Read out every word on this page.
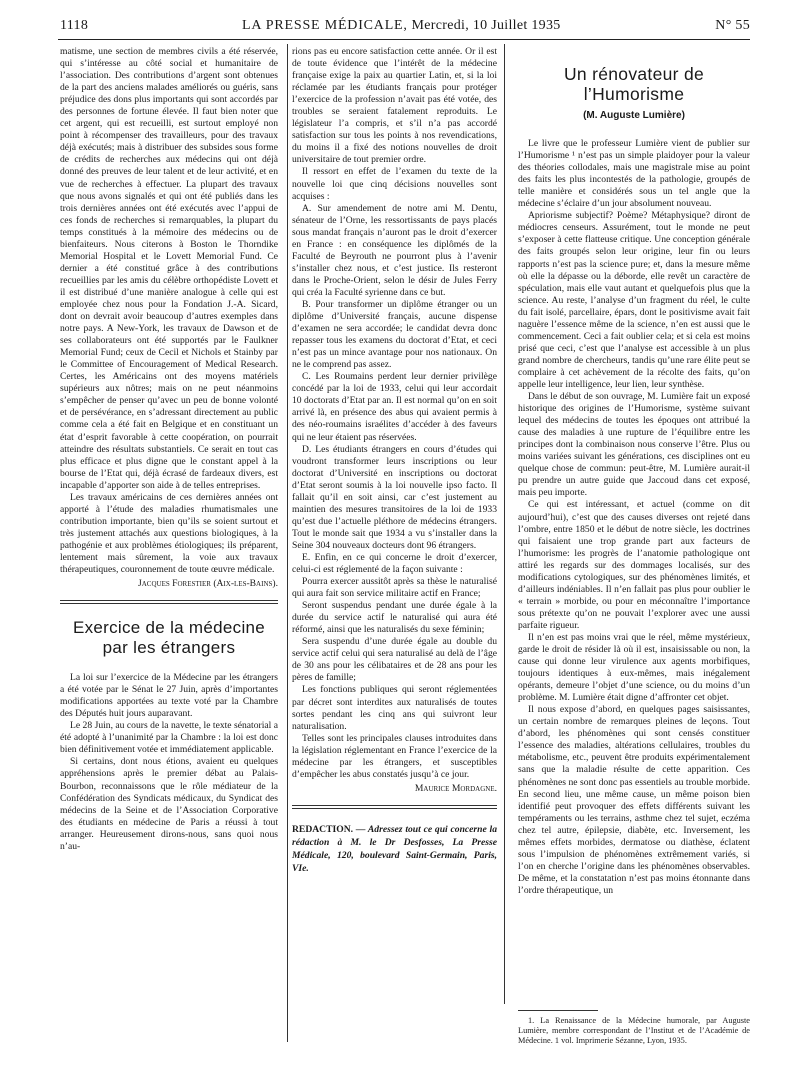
1118	LA PRESSE MÉDICALE, Mercredi, 10 Juillet 1935	N° 55

matisme, une section de membres civils a été réservée, qui s’intéresse au côté social et humanitaire de l’association. Des contributions d’argent sont obtenues de la part des anciens malades améliorés ou guéris, sans préjudice des dons plus importants qui sont accordés par des personnes de fortune élevée. Il faut bien noter que cet argent, qui est recueilli, est surtout employé non point à récompenser des travailleurs, pour des travaux déjà exécutés; mais à distribuer des subsides sous forme de crédits de recherches aux médecins qui ont déjà donné des preuves de leur talent et de leur activité, et en vue de recherches à effectuer. La plupart des travaux que nous avons signalés et qui ont été publiés dans les trois dernières années ont été exécutés avec l’appui de ces fonds de recherches si remarquables, la plupart du temps constitués à la mémoire des médecins ou de bienfaiteurs. Nous citerons à Boston le Thorndike Memorial Hospital et le Lovett Memorial Fund. Ce dernier a été constitué grâce à des contributions recueillies par les amis du célèbre orthopédiste Lovett et il est distribué d’une manière analogue à celle qui est employée chez nous pour la Fondation J.-A. Sicard, dont on devrait avoir beaucoup d’autres exemples dans notre pays. A New-York, les travaux de Dawson et de ses collaborateurs ont été supportés par le Faulkner Memorial Fund; ceux de Cecil et Nichols et Stainby par le Committee of Encouragement of Medical Research. Certes, les Américains ont des moyens matériels supérieurs aux nôtres; mais on ne peut néanmoins s’empêcher de penser qu’avec un peu de bonne volonté et de persévérance, en s’adressant directement au public comme cela a été fait en Belgique et en constituant un état d’esprit favorable à cette coopération, on pourrait atteindre des résultats substantiels. Ce serait en tout cas plus efficace et plus digne que le constant appel à la bourse de l’Etat qui, déjà écrasé de fardeaux divers, est incapable d’apporter son aide à de telles entreprises.

Les travaux américains de ces dernières années ont apporté à l’étude des maladies rhumatismales une contribution importante, bien qu’ils se soient surtout et très justement attachés aux questions biologiques, à la pathogénie et aux problèmes étiologiques; ils préparent, lentement mais sûrement, la voie aux travaux thérapeutiques, couronnement de toute œuvre médicale.

Jacques Forestier (Aix-les-Bains).
Exercice de la médecine
par les étrangers

La loi sur l’exercice de la Médecine par les étrangers a été votée par le Sénat le 27 Juin, après d’importantes modifications apportées au texte voté par la Chambre des Députés huit jours auparavant.

Le 28 Juin, au cours de la navette, le texte sénatorial a été adopté à l’unanimité par la Chambre : la loi est donc bien définitivement votée et immédiatement applicable.

Si certains, dont nous étions, avaient eu quelques appréhensions après le premier débat au Palais-Bourbon, reconnaissons que le rôle médiateur de la Confédération des Syndicats médicaux, du Syndicat des médecins de la Seine et de l’Association Corporative des étudiants en médecine de Paris a réussi à tout arranger. Heureusement dirons-nous, sans quoi nous n’au-

rions pas eu encore satisfaction cette année. Or il est de toute évidence que l’intérêt de la médecine française exige la paix au quartier Latin, et, si la loi réclamée par les étudiants français pour protéger l’exercice de la profession n’avait pas été votée, des troubles se seraient fatalement reproduits. Le législateur l’a compris, et s’il n’a pas accordé satisfaction sur tous les points à nos revendications, du moins il a fixé des notions nouvelles de droit universitaire de tout premier ordre.

Il ressort en effet de l’examen du texte de la nouvelle loi que cinq décisions nouvelles sont acquises :

A. Sur amendement de notre ami M. Dentu, sénateur de l’Orne, les ressortissants de pays placés sous mandat français n’auront pas le droit d’exercer en France : en conséquence les diplômés de la Faculté de Beyrouth ne pourront plus à l’avenir s’installer chez nous, et c’est justice. Ils resteront dans le Proche-Orient, selon le désir de Jules Ferry qui créa la Faculté syrienne dans ce but.

B. Pour transformer un diplôme étranger ou un diplôme d’Université français, aucune dispense d’examen ne sera accordée; le candidat devra donc repasser tous les examens du doctorat d’Etat, et ceci n’est pas un mince avantage pour nos nationaux. On ne le comprend pas assez.

C. Les Roumains perdent leur dernier privilège concédé par la loi de 1933, celui qui leur accordait 10 doctorats d’Etat par an. Il est normal qu’on en soit arrivé là, en présence des abus qui avaient permis à des néo-roumains israélites d’accéder à des faveurs qui ne leur étaient pas réservées.

D. Les étudiants étrangers en cours d’études qui voudront transformer leurs inscriptions ou leur doctorat d’Université en inscriptions ou doctorat d’Etat seront soumis à la loi nouvelle ipso facto. Il fallait qu’il en soit ainsi, car c’est justement au maintien des mesures transitoires de la loi de 1933 qu’est due l’actuelle pléthore de médecins étrangers. Tout le monde sait que 1934 a vu s’installer dans la Seine 304 nouveaux docteurs dont 96 étrangers.

E. Enfin, en ce qui concerne le droit d’exercer, celui-ci est réglementé de la façon suivante :

Pourra exercer aussitôt après sa thèse le naturalisé qui aura fait son service militaire actif en France;

Seront suspendus pendant une durée égale à la durée du service actif le naturalisé qui aura été réformé, ainsi que les naturalisés du sexe féminin;

Sera suspendu d’une durée égale au double du service actif celui qui sera naturalisé au delà de l’âge de 30 ans pour les célibataires et de 28 ans pour les pères de famille;

Les fonctions publiques qui seront réglementées par décret sont interdites aux naturalisés de toutes sortes pendant les cinq ans qui suivront leur naturalisation.

Telles sont les principales clauses introduites dans la législation réglementant en France l’exercice de la médecine par les étrangers, et susceptibles d’empêcher les abus constatés jusqu’à ce jour.

Maurice Mordagne.
REDACTION. — Adressez tout ce qui concerne la rédaction à M. le Dr Desfosses, La Presse Médicale, 120, boulevard Saint-Germain, Paris, VIe.
Un rénovateur de l’Humorisme
(M. Auguste Lumière)

Le livre que le professeur Lumière vient de publier sur l’Humorisme ¹ n’est pas un simple plaidoyer pour la valeur des théories collodales, mais une magistrale mise au point des faits les plus incontestés de la pathologie, groupés de telle manière et considérés sous un tel angle que la médecine s’éclaire d’un jour absolument nouveau.

Apriorisme subjectif? Poème? Métaphysique? diront de médiocres censeurs. Assurément, tout le monde ne peut s’exposer à cette flatteuse critique. Une conception générale des faits groupés selon leur origine, leur fin ou leurs rapports n’est pas la science pure; et, dans la mesure même où elle la dépasse ou la déborde, elle revêt un caractère de spéculation, mais elle vaut autant et quelquefois plus que la science. Au reste, l’analyse d’un fragment du réel, le culte du fait isolé, parcellaire, épars, dont le positivisme avait fait naguère l’essence même de la science, n’en est aussi que le commencement. Ceci a fait oublier cela; et si cela est moins prisé que ceci, c’est que l’analyse est accessible à un plus grand nombre de chercheurs, tandis qu’une rare élite peut se complaire à cet achèvement de la récolte des faits, qu’on appelle leur intelligence, leur lien, leur synthèse.

Dans le début de son ouvrage, M. Lumière fait un exposé historique des origines de l’Humorisme, système suivant lequel des médecins de toutes les époques ont attribué la cause des maladies à une rupture de l’équilibre entre les principes dont la combinaison nous conserve l’être. Plus ou moins variées suivant les générations, ces disciplines ont eu quelque chose de commun: peut-être, M. Lumière aurait-il pu prendre un autre guide que Jaccoud dans cet exposé, mais peu importe.

Ce qui est intéressant, et actuel (comme on dit aujourd’hui), c’est que des causes diverses ont rejeté dans l’ombre, entre 1850 et le début de notre siècle, les doctrines qui faisaient une trop grande part aux facteurs de l’humorisme: les progrès de l’anatomie pathologique ont attiré les regards sur des dommages localisés, sur des modifications cytologiques, sur des phénomènes limités, et d’ailleurs indéniables. Il n’en fallait pas plus pour oublier le « terrain » morbide, ou pour en méconnaître l’importance sous prétexte qu’on ne pouvait l’explorer avec une aussi parfaite rigueur.

Il n’en est pas moins vrai que le réel, même mystérieux, garde le droit de résider là où il est, insaisissable ou non, la cause qui donne leur virulence aux agents morbifiques, toujours identiques à eux-mêmes, mais inégalement opérants, demeure l’objet d’une science, ou du moins d’un problème. M. Lumière était digne d’affronter cet objet.

Il nous expose d’abord, en quelques pages saisissantes, un certain nombre de remarques pleines de leçons. Tout d’abord, les phénomènes qui sont censés constituer l’essence des maladies, altérations cellulaires, troubles du métabolisme, etc., peuvent être produits expérimentalement sans que la maladie résulte de cette apparition. Ces phénomènes ne sont donc pas essentiels au trouble morbide. En second lieu, une même cause, un même poison bien identifié peut provoquer des effets différents suivant les tempéraments ou les terrains, asthme chez tel sujet, eczéma chez tel autre, épilepsie, diabète, etc. Inversement, les mêmes effets morbides, dermatose ou diathèse, éclatent sous l’impulsion de phénomènes extrêmement variés, si l’on en cherche l’origine dans les phénomènes observables. De même, et la constatation n’est pas moins étonnante dans l’ordre thérapeutique, un

1. La Renaissance de la Médecine humorale, par Auguste Lumière, membre correspondant de l’Institut et de l’Académie de Médecine. 1 vol. Imprimerie Sézanne, Lyon, 1935.
